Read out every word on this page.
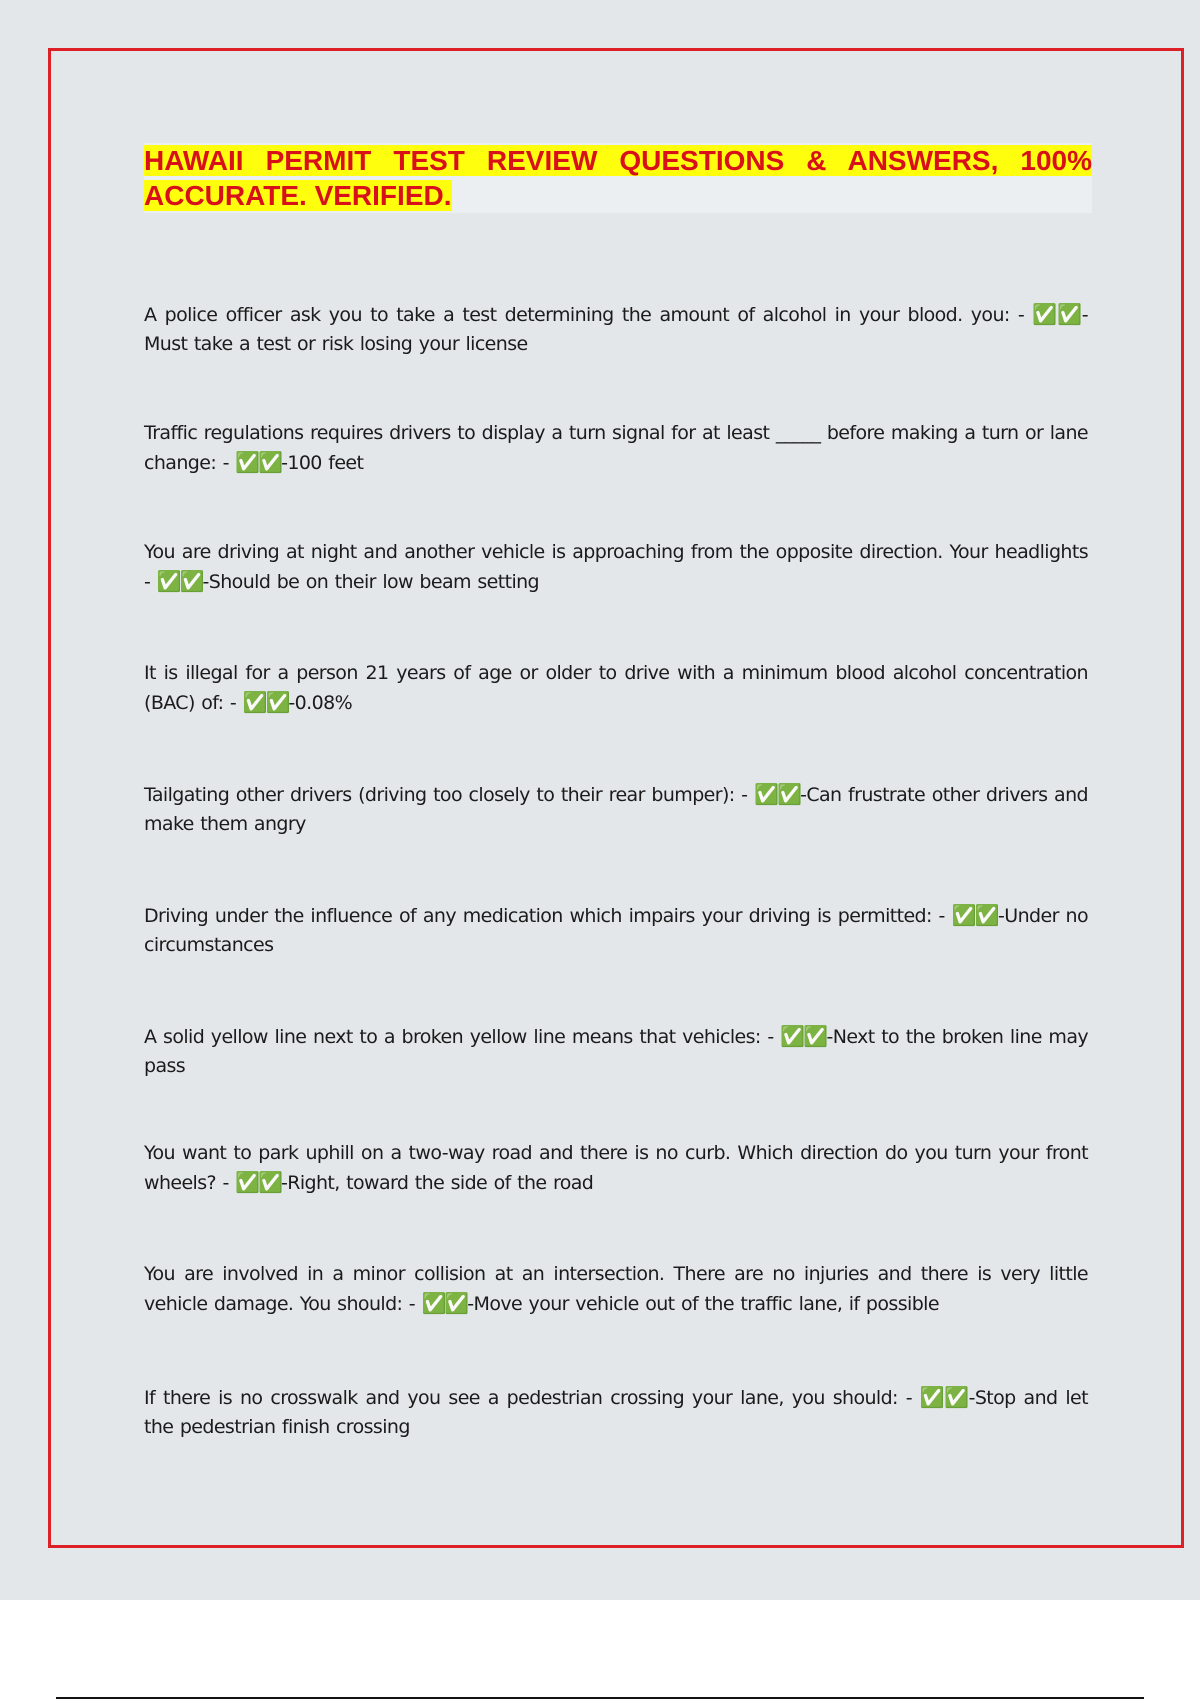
HAWAII PERMIT TEST REVIEW QUESTIONS & ANSWERS, 100% ACCURATE. VERIFIED.
A police officer ask you to take a test determining the amount of alcohol in your blood. you: - ✅✅-Must take a test or risk losing your license
Traffic regulations requires drivers to display a turn signal for at least _____ before making a turn or lane change: - ✅✅-100 feet
You are driving at night and another vehicle is approaching from the opposite direction. Your headlights - ✅✅-Should be on their low beam setting
It is illegal for a person 21 years of age or older to drive with a minimum blood alcohol concentration (BAC) of: - ✅✅-0.08%
Tailgating other drivers (driving too closely to their rear bumper): - ✅✅-Can frustrate other drivers and make them angry
Driving under the influence of any medication which impairs your driving is permitted: - ✅✅-Under no circumstances
A solid yellow line next to a broken yellow line means that vehicles: - ✅✅-Next to the broken line may pass
You want to park uphill on a two-way road and there is no curb. Which direction do you turn your front wheels? - ✅✅-Right, toward the side of the road
You are involved in a minor collision at an intersection. There are no injuries and there is very little vehicle damage. You should: - ✅✅-Move your vehicle out of the traffic lane, if possible
If there is no crosswalk and you see a pedestrian crossing your lane, you should: - ✅✅-Stop and let the pedestrian finish crossing
